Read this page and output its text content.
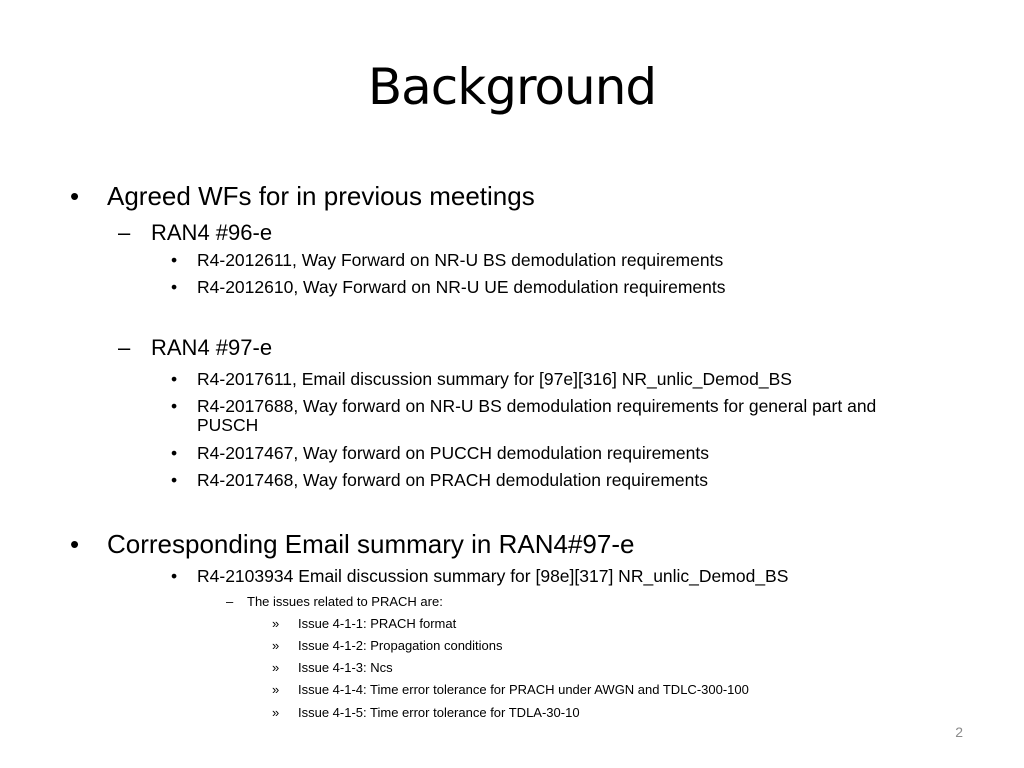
Background
• Agreed WFs for in previous meetings
– RAN4 #96-e
• R4-2012611, Way Forward on NR-U BS demodulation requirements
• R4-2012610, Way Forward on NR-U UE demodulation requirements
– RAN4 #97-e
• R4-2017611, Email discussion summary for [97e][316] NR_unlic_Demod_BS
• R4-2017688, Way forward on NR-U BS demodulation requirements for general part and PUSCH
• R4-2017467, Way forward on PUCCH demodulation requirements
• R4-2017468, Way forward on PRACH demodulation requirements
• Corresponding Email summary in RAN4#97-e
• R4-2103934 Email discussion summary for [98e][317] NR_unlic_Demod_BS
– The issues related to PRACH are:
» Issue 4-1-1: PRACH format
» Issue 4-1-2: Propagation conditions
» Issue 4-1-3: Ncs
» Issue 4-1-4: Time error tolerance for PRACH under AWGN and TDLC-300-100
» Issue 4-1-5: Time error tolerance for TDLA-30-10
2
